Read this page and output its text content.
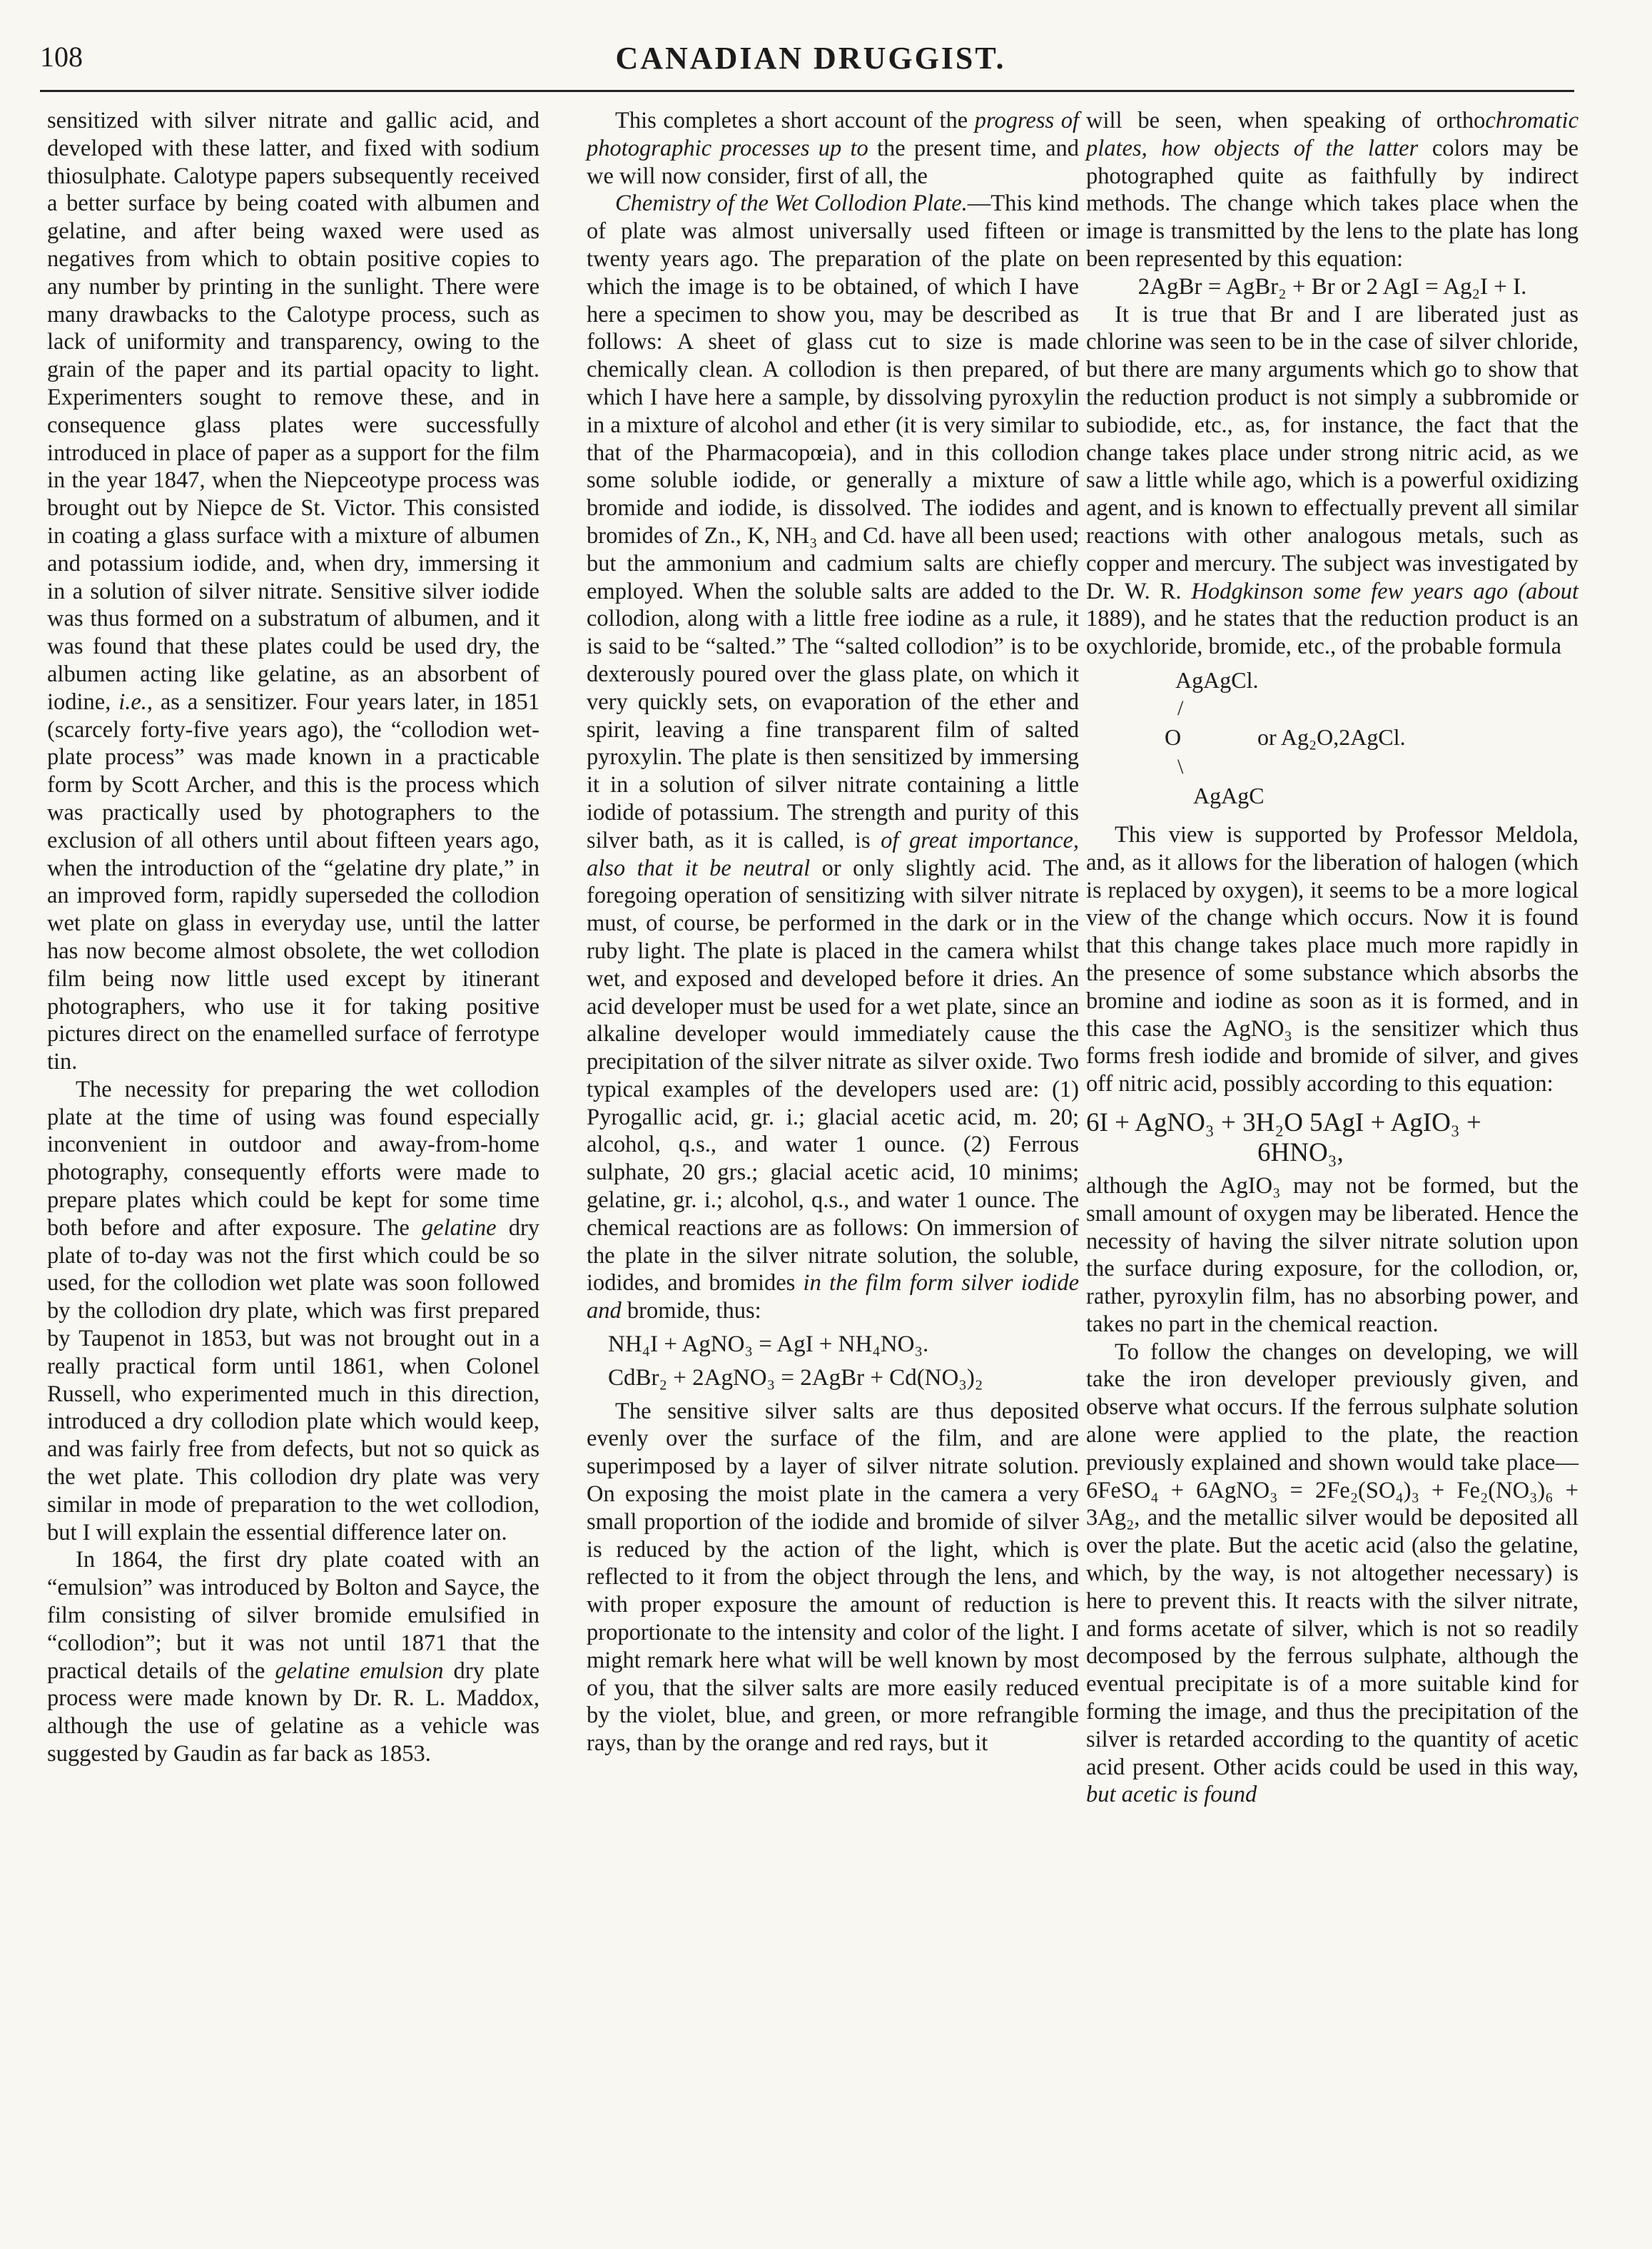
108	CANADIAN DRUGGIST.

sensitized with silver nitrate and gallic acid, and developed with these latter, and fixed with sodium thiosulphate. Calotype papers subsequently received a better surface by being coated with albumen and gelatine, and after being waxed were used as negatives from which to obtain positive copies to any number by printing in the sunlight. There were many drawbacks to the Calotype process, such as lack of uniformity and transparency, owing to the grain of the paper and its partial opacity to light. Experimenters sought to remove these, and in consequence glass plates were successfully introduced in place of paper as a support for the film in the year 1847, when the Niepceotype process was brought out by Niepce de St. Victor. This consisted in coating a glass surface with a mixture of albumen and potassium iodide, and, when dry, immersing it in a solution of silver nitrate. Sensitive silver iodide was thus formed on a substratum of albumen, and it was found that these plates could be used dry, the albumen acting like gelatine, as an absorbent of iodine, i.e., as a sensitizer. Four years later, in 1851 (scarcely forty-five years ago), the “collodion wet-plate process” was made known in a practicable form by Scott Archer, and this is the process which was practically used by photographers to the exclusion of all others until about fifteen years ago, when the introduction of the “gelatine dry plate,” in an improved form, rapidly superseded the collodion wet plate on glass in everyday use, until the latter has now become almost obsolete, the wet collodion film being now little used except by itinerant photographers, who use it for taking positive pictures direct on the enamelled surface of ferrotype tin.

The necessity for preparing the wet collodion plate at the time of using was found especially inconvenient in outdoor and away-from-home photography, consequently efforts were made to prepare plates which could be kept for some time both before and after exposure. The gelatine dry plate of to-day was not the first which could be so used, for the collodion wet plate was soon followed by the collodion dry plate, which was first prepared by Taupenot in 1853, but was not brought out in a really practical form until 1861, when Colonel Russell, who experimented much in this direction, introduced a dry collodion plate which would keep, and was fairly free from defects, but not so quick as the wet plate. This collodion dry plate was very similar in mode of preparation to the wet collodion, but I will explain the essential difference later on.

In 1864, the first dry plate coated with an “emulsion” was introduced by Bolton and Sayce, the film consisting of silver bromide emulsified in “collodion”; but it was not until 1871 that the practical details of the gelatine emulsion dry plate process were made known by Dr. R. L. Maddox, although the use of gelatine as a vehicle was suggested by Gaudin as far back as 1853.

This completes a short account of the progress of photographic processes up to the present time, and we will now consider, first of all, the

Chemistry of the Wet Collodion Plate.—This kind of plate was almost universally used fifteen or twenty years ago. The preparation of the plate on which the image is to be obtained, of which I have here a specimen to show you, may be described as follows: A sheet of glass cut to size is made chemically clean. A collodion is then prepared, of which I have here a sample, by dissolving pyroxylin in a mixture of alcohol and ether (it is very similar to that of the Pharmacopœia), and in this collodion some soluble iodide, or generally a mixture of bromide and iodide, is dissolved. The iodides and bromides of Zn., K, NH₃ and Cd. have all been used; but the ammonium and cadmium salts are chiefly employed. When the soluble salts are added to the collodion, along with a little free iodine as a rule, it is said to be “salted.” The “salted collodion” is to be dexterously poured over the glass plate, on which it very quickly sets, on evaporation of the ether and spirit, leaving a fine transparent film of salted pyroxylin. The plate is then sensitized by immersing it in a solution of silver nitrate containing a little iodide of potassium. The strength and purity of this silver bath, as it is called, is of great importance, also that it be neutral or only slightly acid. The foregoing operation of sensitizing with silver nitrate must, of course, be performed in the dark or in the ruby light. The plate is placed in the camera whilst wet, and exposed and developed before it dries. An acid developer must be used for a wet plate, since an alkaline developer would immediately cause the precipitation of the silver nitrate as silver oxide. Two typical examples of the developers used are: (1) Pyrogallic acid, gr. i.; glacial acetic acid, m. 20; alcohol, q.s., and water 1 ounce. (2) Ferrous sulphate, 20 grs.; glacial acetic acid, 10 minims; gelatine, gr. i.; alcohol, q.s., and water 1 ounce. The chemical reactions are as follows: On immersion of the plate in the silver nitrate solution, the soluble, iodides, and bromides in the film form silver iodide and bromide, thus:

NH₄I + AgNO₃ = AgI + NH₄NO₃.
CdBr₂ + 2AgNO₃ = 2AgBr + Cd(NO₃)₂

The sensitive silver salts are thus deposited evenly over the surface of the film, and are superimposed by a layer of silver nitrate solution. On exposing the moist plate in the camera a very small proportion of the iodide and bromide of silver is reduced by the action of the light, which is reflected to it from the object through the lens, and with proper exposure the amount of reduction is proportionate to the intensity and color of the light. I might remark here what will be well known by most of you, that the silver salts are more easily reduced by the violet, blue, and green, or more refrangible rays, than by the orange and red rays, but it

will be seen, when speaking of orthochromatic plates, how objects of the latter colors may be photographed quite as faithfully by indirect methods. The change which takes place when the image is transmitted by the lens to the plate has long been represented by this equation:

2AgBr = AgBr₂ + Br or 2 AgI = Ag₂I + I.

It is true that Br and I are liberated just as chlorine was seen to be in the case of silver chloride, but there are many arguments which go to show that the reduction product is not simply a subbromide or subiodide, etc., as, for instance, the fact that the change takes place under strong nitric acid, as we saw a little while ago, which is a powerful oxidizing agent, and is known to effectually prevent all similar reactions with other analogous metals, such as copper and mercury. The subject was investigated by Dr. W. R. Hodgkinson some few years ago (about 1889), and he states that the reduction product is an oxychloride, bromide, etc., of the probable formula

AgAgCl.
/
O	or Ag₂O,2AgCl.
\
AgAgC

This view is supported by Professor Meldola, and, as it allows for the liberation of halogen (which is replaced by oxygen), it seems to be a more logical view of the change which occurs. Now it is found that this change takes place much more rapidly in the presence of some substance which absorbs the bromine and iodine as soon as it is formed, and in this case the AgNO₃ is the sensitizer which thus forms fresh iodide and bromide of silver, and gives off nitric acid, possibly according to this equation:

6I + AgNO₃ + 3H₂O 5AgI + AgIO₃ +
6HNO₃,

although the AgIO₃ may not be formed, but the small amount of oxygen may be liberated. Hence the necessity of having the silver nitrate solution upon the surface during exposure, for the collodion, or, rather, pyroxylin film, has no absorbing power, and takes no part in the chemical reaction.

To follow the changes on developing, we will take the iron developer previously given, and observe what occurs. If the ferrous sulphate solution alone were applied to the plate, the reaction previously explained and shown would take place— 6FeSO₄ + 6AgNO₃ = 2Fe₂(SO₄)₃ + Fe₂(NO₃)₆ + 3Ag₂, and the metallic silver would be deposited all over the plate. But the acetic acid (also the gelatine, which, by the way, is not altogether necessary) is here to prevent this. It reacts with the silver nitrate, and forms acetate of silver, which is not so readily decomposed by the ferrous sulphate, although the eventual precipitate is of a more suitable kind for forming the image, and thus the precipitation of the silver is retarded according to the quantity of acetic acid present. Other acids could be used in this way, but acetic is found
